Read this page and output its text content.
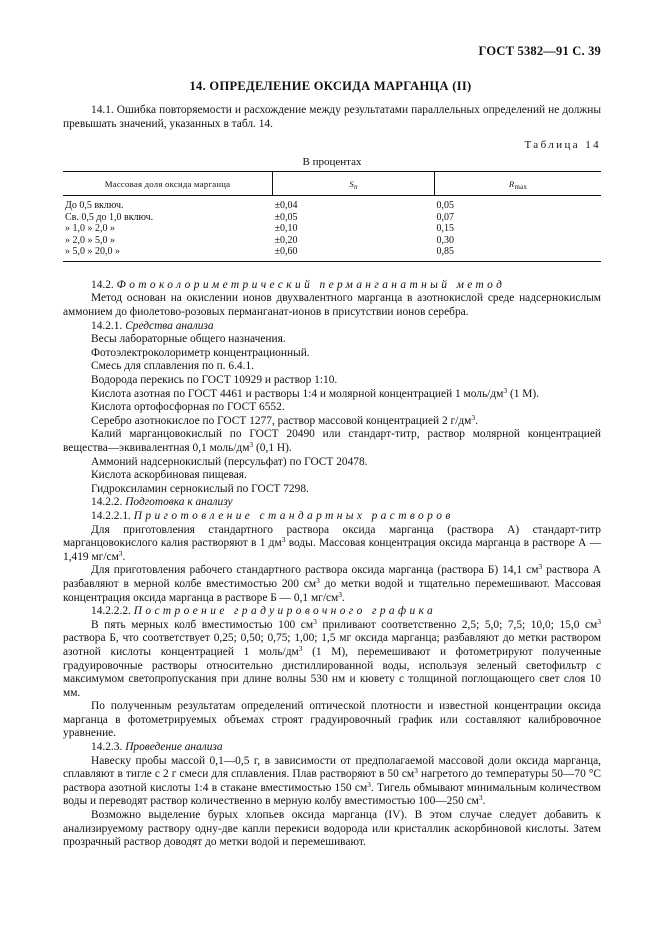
ГОСТ 5382—91 С. 39
14. ОПРЕДЕЛЕНИЕ ОКСИДА МАРГАНЦА (II)

14.1. Ошибка повторяемости и расхождение между результатами параллельных определений не должны превышать значений, указанных в табл. 14.

Таблица 14
В процентах
Массовая доля оксида марганца	$S_n$	$R_{max}$
До 0,5 включ.	±0,04	0,05
Св. 0,5 до 1,0 включ.	±0,05	0,07
» 1,0 » 2,0 »	±0,10	0,15
» 2,0 » 5,0 »	±0,20	0,30
» 5,0 » 20,0 »	±0,60	0,85

14.2. Фотоколориметрический перманганатный метод

Метод основан на окислении ионов двухвалентного марганца в азотнокислой среде надсернокислым аммонием до фиолетово-розовых перманганат-ионов в присутствии ионов серебра.

14.2.1. Средства анализа

Весы лабораторные общего назначения.

Фотоэлектроколориметр концентрационный.

Смесь для сплавления по п. 6.4.1.

Водорода перекись по ГОСТ 10929 и раствор 1:10.

Кислота азотная по ГОСТ 4461 и растворы 1:4 и молярной концентрацией 1 моль/$дм^3$ (1 М).

Кислота ортофосфорная по ГОСТ 6552.

Серебро азотнокислое по ГОСТ 1277, раствор массовой концентрацией 2 $г/дм^3$.

Калий марганцовокислый по ГОСТ 20490 или стандарт-титр, раствор молярной концентрацией вещества—эквивалентная 0,1 моль/$дм^3$ (0,1 Н).

Аммоний надсернокислый (персульфат) по ГОСТ 20478.

Кислота аскорбиновая пищевая.

Гидроксиламин сернокислый по ГОСТ 7298.

14.2.2. Подготовка к анализу

14.2.2.1. Приготовление стандартных растворов

Для приготовления стандартного раствора оксида марганца (раствора А) стандарт-титр марганцовокислого калия растворяют в 1 $дм^3$ воды. Массовая концентрация оксида марганца в растворе А — 1,419 $мг/см^3$.

Для приготовления рабочего стандартного раствора оксида марганца (раствора Б) 14,1 $см^3$ раствора А разбавляют в мерной колбе вместимостью 200 $см^3$ до метки водой и тщательно перемешивают. Массовая концентрация оксида марганца в растворе Б — 0,1 $мг/см^3$.

14.2.2.2. Построение градуировочного графика

В пять мерных колб вместимостью 100 $см^3$ приливают соответственно 2,5; 5,0; 7,5; 10,0; 15,0 $см^3$ раствора Б, что соответствует 0,25; 0,50; 0,75; 1,00; 1,5 мг оксида марганца; разбавляют до метки раствором азотной кислоты концентрацией 1 моль/$дм^3$ (1 М), перемешивают и фотометрируют полученные градуировочные растворы относительно дистиллированной воды, используя зеленый светофильтр с максимумом светопропускания при длине волны 530 нм и кювету с толщиной поглощающего свет слоя 10 мм.

По полученным результатам определений оптической плотности и известной концентрации оксида марганца в фотометрируемых объемах строят градуировочный график или составляют калибровочное уравнение.

14.2.3. Проведение анализа

Навеску пробы массой 0,1—0,5 г, в зависимости от предполагаемой массовой доли оксида марганца, сплавляют в тигле с 2 г смеси для сплавления. Плав растворяют в 50 $см^3$ нагретого до температуры 50—70 °С раствора азотной кислоты 1:4 в стакане вместимостью 150 $см^3$. Тигель обмывают минимальным количеством воды и переводят раствор количественно в мерную колбу вместимостью 100—250 $см^3$.

Возможно выделение бурых хлопьев оксида марганца (IV). В этом случае следует добавить к анализируемому раствору одну-две капли перекиси водорода или кристаллик аскорбиновой кислоты. Затем прозрачный раствор доводят до метки водой и перемешивают.
